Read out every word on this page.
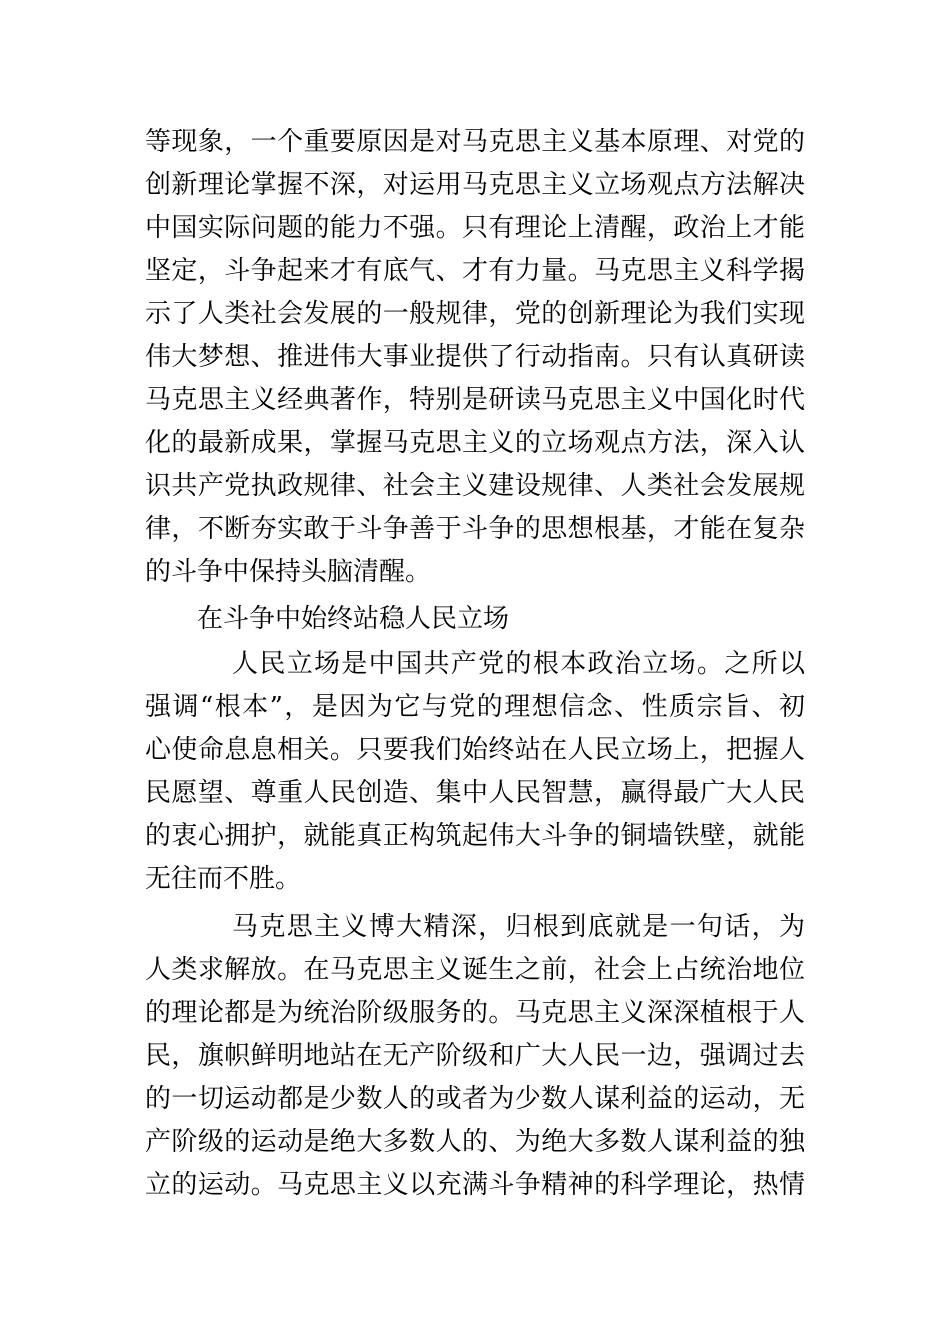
等现象，一个重要原因是对马克思主义基本原理、对党的
创新理论掌握不深，对运用马克思主义立场观点方法解决
中国实际问题的能力不强。只有理论上清醒，政治上才能
坚定，斗争起来才有底气、才有力量。马克思主义科学揭
示了人类社会发展的一般规律，党的创新理论为我们实现
伟大梦想、推进伟大事业提供了行动指南。只有认真研读
马克思主义经典著作，特别是研读马克思主义中国化时代
化的最新成果，掌握马克思主义的立场观点方法，深入认
识共产党执政规律、社会主义建设规律、人类社会发展规
律，不断夯实敢于斗争善于斗争的思想根基，才能在复杂
的斗争中保持头脑清醒。
在斗争中始终站稳人民立场
人民立场是中国共产党的根本政治立场。之所以
强调“根本”，是因为它与党的理想信念、性质宗旨、初
心使命息息相关。只要我们始终站在人民立场上，把握人
民愿望、尊重人民创造、集中人民智慧，赢得最广大人民
的衷心拥护，就能真正构筑起伟大斗争的铜墙铁壁，就能
无往而不胜。
马克思主义博大精深，归根到底就是一句话，为
人类求解放。在马克思主义诞生之前，社会上占统治地位
的理论都是为统治阶级服务的。马克思主义深深植根于人
民，旗帜鲜明地站在无产阶级和广大人民一边，强调过去
的一切运动都是少数人的或者为少数人谋利益的运动，无
产阶级的运动是绝大多数人的、为绝大多数人谋利益的独
立的运动。马克思主义以充满斗争精神的科学理论，热情
